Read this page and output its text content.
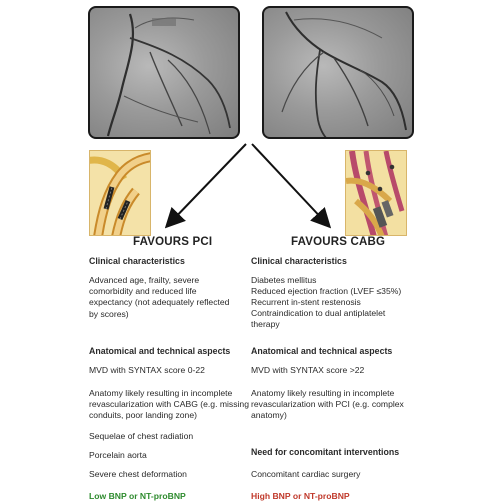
FAVOURS PCI	FAVOURS CABG
Clinical characteristics
Advanced age, frailty, severe comorbidity and reduced life expectancy (not adequately reflected by scores)
Anatomical and technical aspects
MVD with SYNTAX score 0-22
Anatomy likely resulting in incomplete revascularization with CABG (e.g. missing conduits, poor landing zone)
Sequelae of chest radiation
Porcelain aorta
Severe chest deformation
Low BNP or NT-proBNP
Clinical characteristics
Diabetes mellitus
Reduced ejection fraction (LVEF ≤35%)
Recurrent in-stent restenosis
Contraindication to dual antiplatelet therapy
Anatomical and technical aspects
MVD with SYNTAX score >22
Anatomy likely resulting in incomplete revascularization with PCI (e.g. complex anatomy)
Need for concomitant interventions
Concomitant cardiac surgery
High BNP or NT-proBNP
